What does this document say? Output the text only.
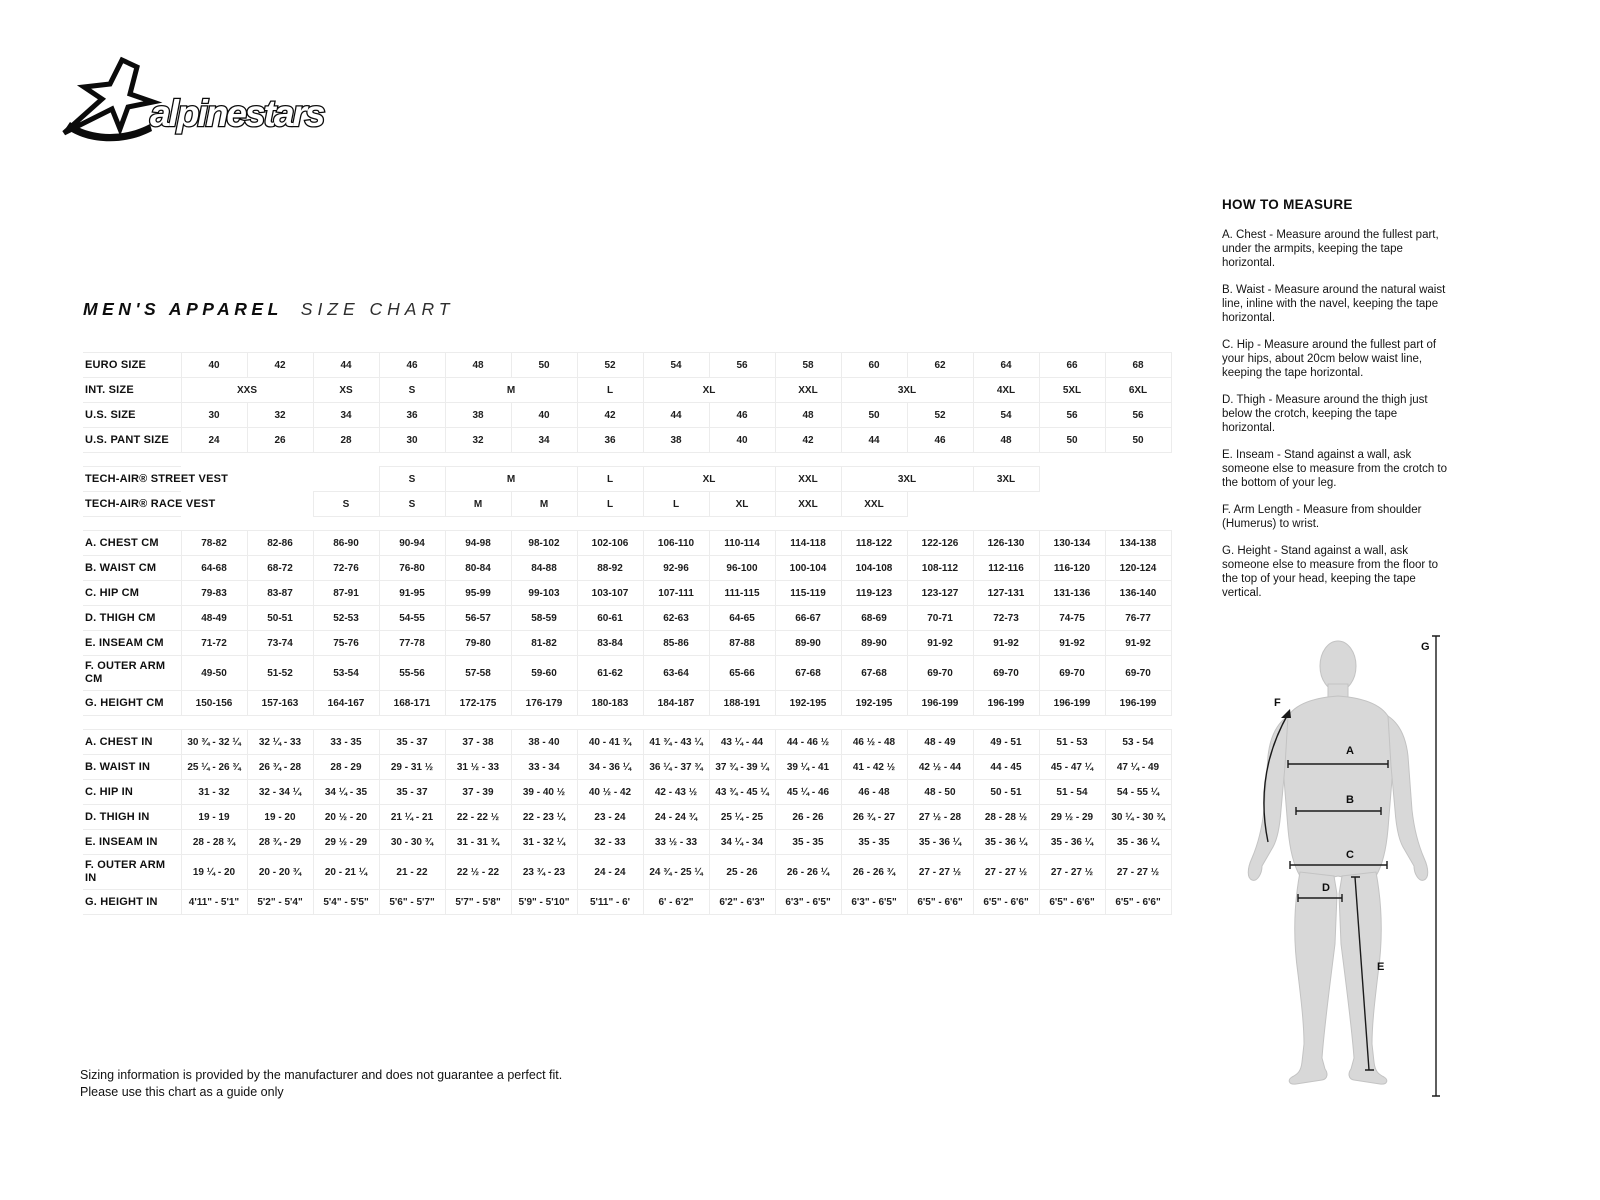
alpinestars
MEN'S APPAREL SIZE CHART
EURO SIZE	40	42	44	46	48	50	52	54	56	58	60	62	64	66	68
INT. SIZE	XXS		XS	S	M		L	XL		XXL	3XL		4XL	5XL	6XL
U.S. SIZE	30	32	34	36	38	40	42	44	46	48	50	52	54	56	56
U.S. PANT SIZE	24	26	28	30	32	34	36	38	40	42	44	46	48	50	50

TECH-AIR® STREET VEST				S	M		L	XL		XXL	3XL		3XL		
TECH-AIR® RACE VEST			S	S	M	M	L	L	XL	XXL	XXL				

A. CHEST CM	78-82	82-86	86-90	90-94	94-98	98-102	102-106	106-110	110-114	114-118	118-122	122-126	126-130	130-134	134-138
B. WAIST CM	64-68	68-72	72-76	76-80	80-84	84-88	88-92	92-96	96-100	100-104	104-108	108-112	112-116	116-120	120-124
C. HIP CM	79-83	83-87	87-91	91-95	95-99	99-103	103-107	107-111	111-115	115-119	119-123	123-127	127-131	131-136	136-140
D. THIGH CM	48-49	50-51	52-53	54-55	56-57	58-59	60-61	62-63	64-65	66-67	68-69	70-71	72-73	74-75	76-77
E. INSEAM CM	71-72	73-74	75-76	77-78	79-80	81-82	83-84	85-86	87-88	89-90	89-90	91-92	91-92	91-92	91-92
F. OUTER ARM CM	49-50	51-52	53-54	55-56	57-58	59-60	61-62	63-64	65-66	67-68	67-68	69-70	69-70	69-70	69-70
G. HEIGHT CM	150-156	157-163	164-167	168-171	172-175	176-179	180-183	184-187	188-191	192-195	192-195	196-199	196-199	196-199	196-199

A. CHEST IN	30 ¾ - 32 ¼	32 ¼ - 33	33 - 35	35 - 37	37 - 38	38 - 40	40 - 41 ¾	41 ¾ - 43 ¼	43 ¼ - 44	44 - 46 ½	46 ½ - 48	48 - 49	49 - 51	51 - 53	53 - 54
B. WAIST IN	25 ¼ - 26 ¾	26 ¾ - 28	28 - 29	29 - 31 ½	31 ½ - 33	33 - 34	34 - 36 ¼	36 ¼ - 37 ¾	37 ¾ - 39 ¼	39 ¼ - 41	41 - 42 ½	42 ½ - 44	44 - 45	45 - 47 ¼	47 ¼ - 49
C. HIP IN	31 - 32	32 - 34 ¼	34 ¼ - 35	35 - 37	37 - 39	39 - 40 ½	40 ½ - 42	42 - 43 ½	43 ¾ - 45 ¼	45 ¼ - 46	46 - 48	48 - 50	50 - 51	51 - 54	54 - 55 ¼
D. THIGH IN	19 - 19	19 - 20	20 ½ - 20	21 ¼ - 21	22 - 22 ½	22 - 23 ¼	23 - 24	24 - 24 ¾	25 ¼ - 25	26 - 26	26 ¾ - 27	27 ½ - 28	28 - 28 ½	29 ½ - 29	30 ¼ - 30 ¾
E. INSEAM IN	28 - 28 ¾	28 ¾ - 29	29 ½ - 29	30 - 30 ¾	31 - 31 ¾	31 - 32 ¼	32 - 33	33 ½ - 33	34 ¼ - 34	35 - 35	35 - 35	35 - 36 ¼	35 - 36 ¼	35 - 36 ¼	35 - 36 ¼
F. OUTER ARM IN	19 ¼ - 20	20 - 20 ¾	20 - 21 ¼	21 - 22	22 ½ - 22	23 ¾ - 23	24 - 24	24 ¾ - 25 ¼	25 - 26	26 - 26 ¼	26 - 26 ¾	27 - 27 ½	27 - 27 ½	27 - 27 ½	27 - 27 ½
G. HEIGHT IN	4'11" - 5'1"	5'2" - 5'4"	5'4" - 5'5"	5'6" - 5'7"	5'7" - 5'8"	5'9" - 5'10"	5'11" - 6'	6' - 6'2"	6'2" - 6'3"	6'3" - 6'5"	6'3" - 6'5"	6'5" - 6'6"	6'5" - 6'6"	6'5" - 6'6"	6'5" - 6'6"
HOW TO MEASURE

A. Chest - Measure around the fullest part, under the armpits, keeping the tape horizontal.

B. Waist - Measure around the natural waist line, inline with the navel, keeping the tape horizontal.

C. Hip - Measure around the fullest part of your hips, about 20cm below waist line, keeping the tape horizontal.

D. Thigh - Measure around the thigh just below the crotch, keeping the tape horizontal.

E. Inseam - Stand against a wall, ask someone else to measure from the crotch to the bottom of your leg.

F. Arm Length - Measure from shoulder (Humerus) to wrist.

G. Height - Stand against a wall, ask someone else to measure from the floor to the top of your head, keeping the tape vertical.

A
B
C
D
E
F
G

Sizing information is provided by the manufacturer and does not guarantee a perfect fit.

Please use this chart as a guide only
